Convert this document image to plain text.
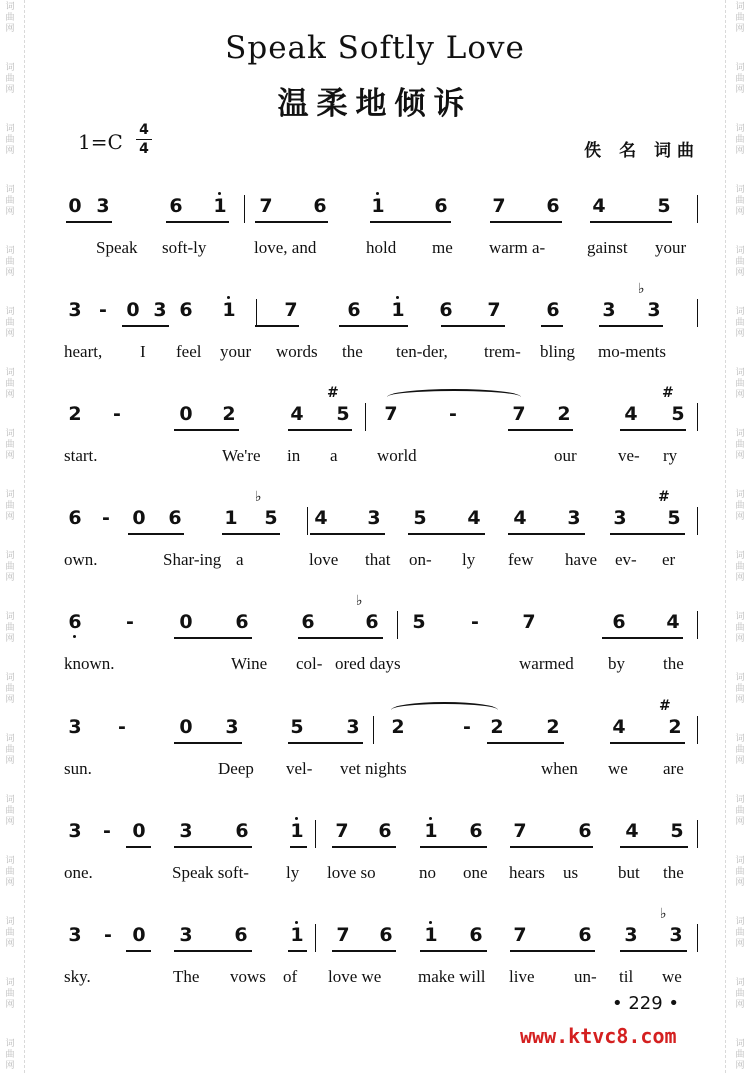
词
曲
网
词
曲
网
词
曲
网
词
曲
网
词
曲
网
词
曲
网
词
曲
网
词
曲
网
词
曲
网
词
曲
网
词
曲
网
词
曲
网
词
曲
网
词
曲
网
词
曲
网
词
曲
网
词
曲
网
词
曲
网
词
曲
网
词
曲
网
词
曲
网
词
曲
网
词
曲
网
词
曲
网
词
曲
网
词
曲
网
词
曲
网
词
曲
网
词
曲
网
词
曲
网
词
曲
网
词
曲
网
词
曲
网
词
曲
网
词
曲
网
词
曲
网
Speak Softly Love
温柔地倾诉
1=C 4
4	佚 名 词曲
0 3	6 1 7 6 1	6 7 6 4	5
Speak soft-ly	love, and	hold me warm a- gainst your
3 -	0 3 6 1	7	6 1 6 7 6 3
♭
3
heart, I feel your words the ten-der, trem- bling mo-ments
2	-	0 2	4
#
5 7	-	7 2	4
#
5
start.	We're in a world	our ve- ry
6	-	0 6 1
♭
5 4 3 5 4 4 3 3
#
5
own.	Shar-ing a	love that on- ly few have ev- er
6	-	0 6	6
♭
6 5	-	7	6 4
known.	Wine col- ored days	warmed by the
3	-	0 3	5 3 2	-	2 2	4
#
2
sun.	Deep vel- vet nights	when we are
3	-	0 3 6 1 7 6 1 6 7	6 4 5
one.	Speak soft- ly love so	no one hears us but the
3	-	0 3 6 1 7 6 1 6 7	6 3
♭
3
sky.	The vows of love we make will live un- til we
• 229 •
www.ktvc8.com
